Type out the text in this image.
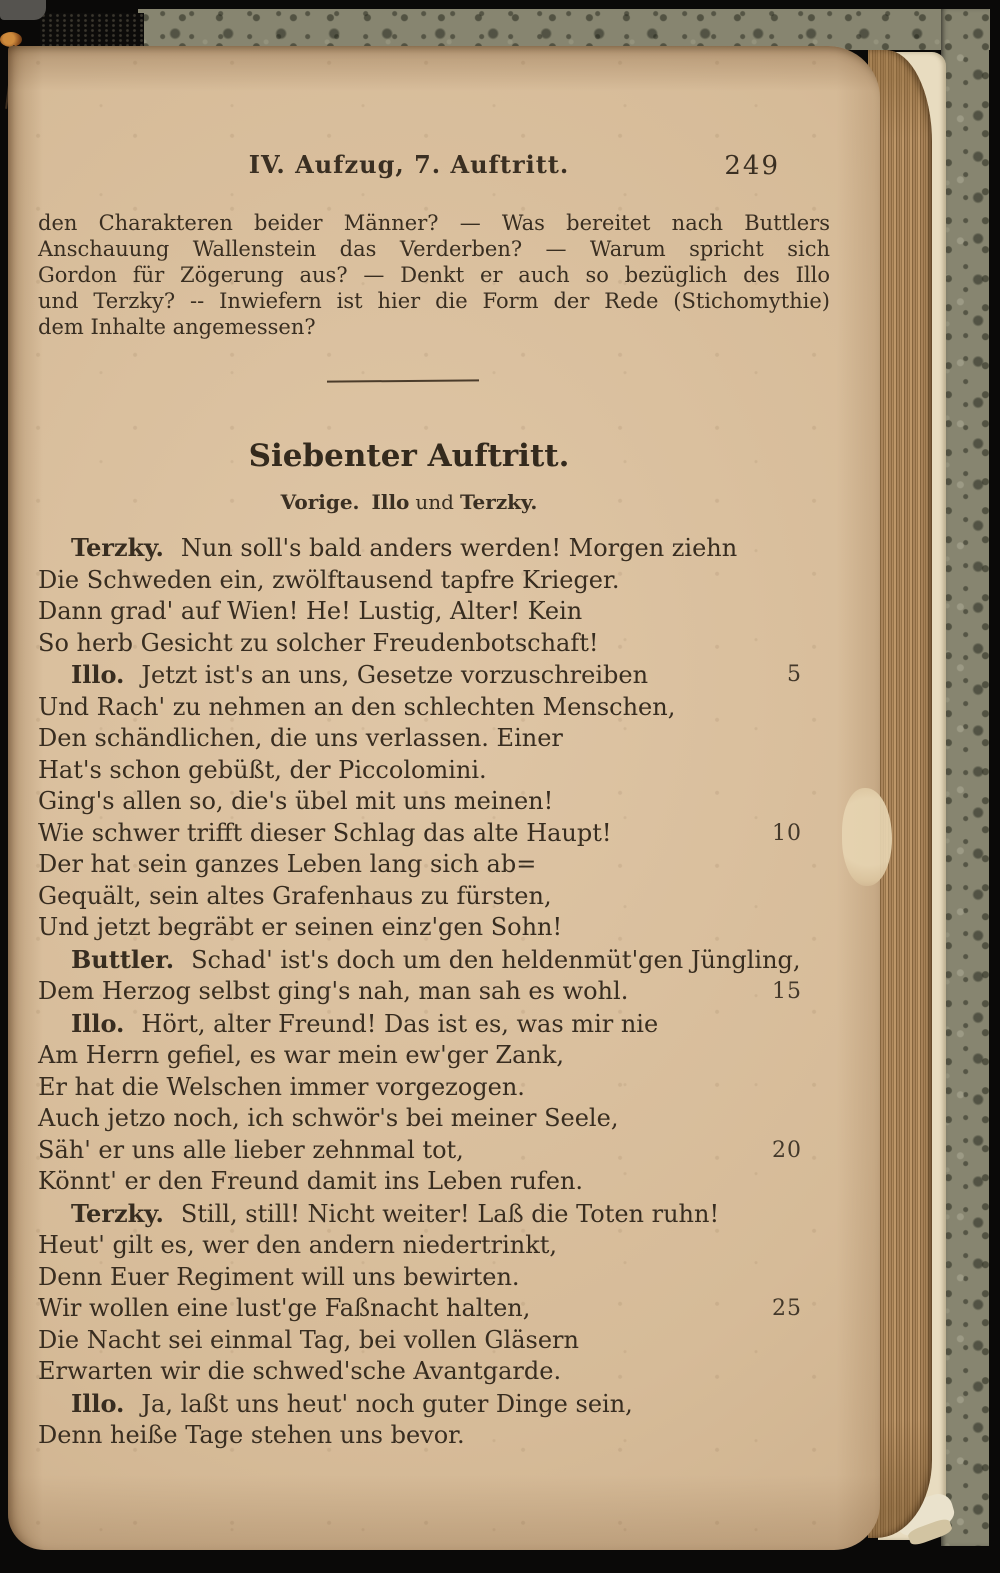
IV. Aufzug, 7. Auftritt.	249
den Charakteren beider Männer? — Was bereitet nach Buttlers
Anschauung Wallenstein das Verderben? — Warum spricht sich
Gordon für Zögerung aus? — Denkt er auch so bezüglich des Illo
und Terzky? -- Inwiefern ist hier die Form der Rede (Stichomythie)
dem Inhalte angemessen?
Siebenter Auftritt.
Vorige. Illo und Terzky.
Terzky. Nun soll's bald anders werden! Morgen ziehn
Die Schweden ein, zwölftausend tapfre Krieger.
Dann grad' auf Wien! He! Lustig, Alter! Kein
So herb Gesicht zu solcher Freudenbotschaft!
Illo. Jetzt ist's an uns, Gesetze vorzuschreiben	5
Und Rach' zu nehmen an den schlechten Menschen,
Den schändlichen, die uns verlassen. Einer
Hat's schon gebüßt, der Piccolomini.
Ging's allen so, die's übel mit uns meinen!
Wie schwer trifft dieser Schlag das alte Haupt!	10
Der hat sein ganzes Leben lang sich ab=
Gequält, sein altes Grafenhaus zu fürsten,
Und jetzt begräbt er seinen einz'gen Sohn!
Buttler. Schad' ist's doch um den heldenmüt'gen Jüngling,
Dem Herzog selbst ging's nah, man sah es wohl.	15
Illo. Hört, alter Freund! Das ist es, was mir nie
Am Herrn gefiel, es war mein ew'ger Zank,
Er hat die Welschen immer vorgezogen.
Auch jetzo noch, ich schwör's bei meiner Seele,
Säh' er uns alle lieber zehnmal tot,	20
Könnt' er den Freund damit ins Leben rufen.
Terzky. Still, still! Nicht weiter! Laß die Toten ruhn!
Heut' gilt es, wer den andern niedertrinkt,
Denn Euer Regiment will uns bewirten.
Wir wollen eine lust'ge Faßnacht halten,	25
Die Nacht sei einmal Tag, bei vollen Gläsern
Erwarten wir die schwed'sche Avantgarde.
Illo. Ja, laßt uns heut' noch guter Dinge sein,
Denn heiße Tage stehen uns bevor.
